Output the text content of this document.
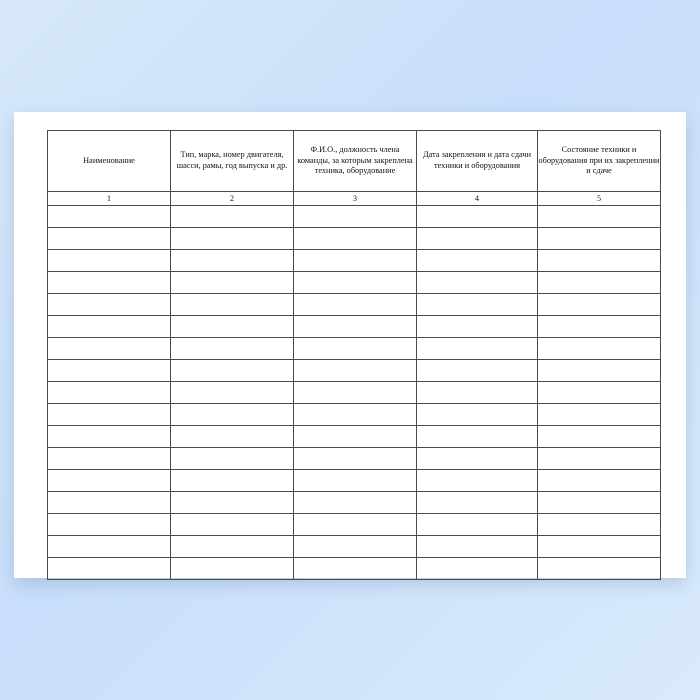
Наименование	Тип, марка, номер двигателя, шасси, рамы, год выпуска и др.	Ф.И.О., должность члена команды, за которым закреплена техника, оборудование	Дата закрепления и дата сдачи техники и оборудования	Состояние техники и оборудования при их закреплении и сдаче
1	2	3	4	5
